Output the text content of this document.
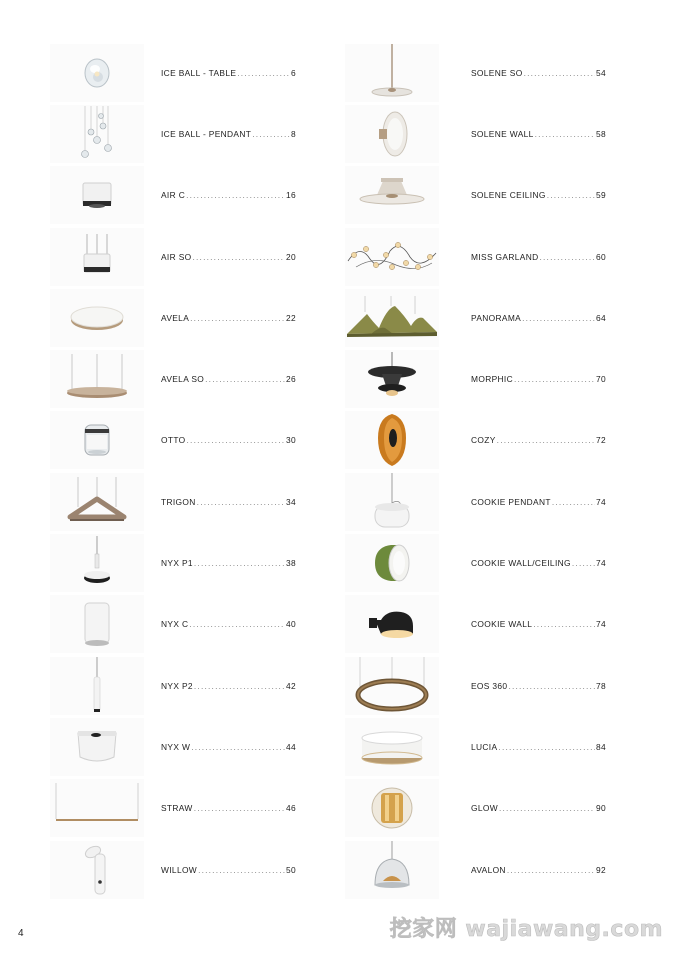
ICE BALL - TABLE .....	6
ICE BALL - PENDANT .....	8
AIR C .....	16
AIR SO .....	20
AVELA .....	22
AVELA SO .....	26
OTTO .....	30
TRIGON .....	34
NYX P1 .....	38
NYX C .....	40
NYX P2 .....	42
NYX W .....	44
STRAW .....	46
WILLOW .....	50
SOLENE SO .....	54
SOLENE WALL .....	58
SOLENE CEILING .....	59
MISS GARLAND .....	60
PANORAMA .....	64
MORPHIC .....	70
COZY .....	72
COOKIE PENDANT .....	74
COOKIE WALL/CEILING .....	74
COOKIE WALL .....	74
EOS 360 .....	78
LUCIA .....	84
GLOW .....	90
AVALON .....	92
4	挖家网 wajiawang.com
